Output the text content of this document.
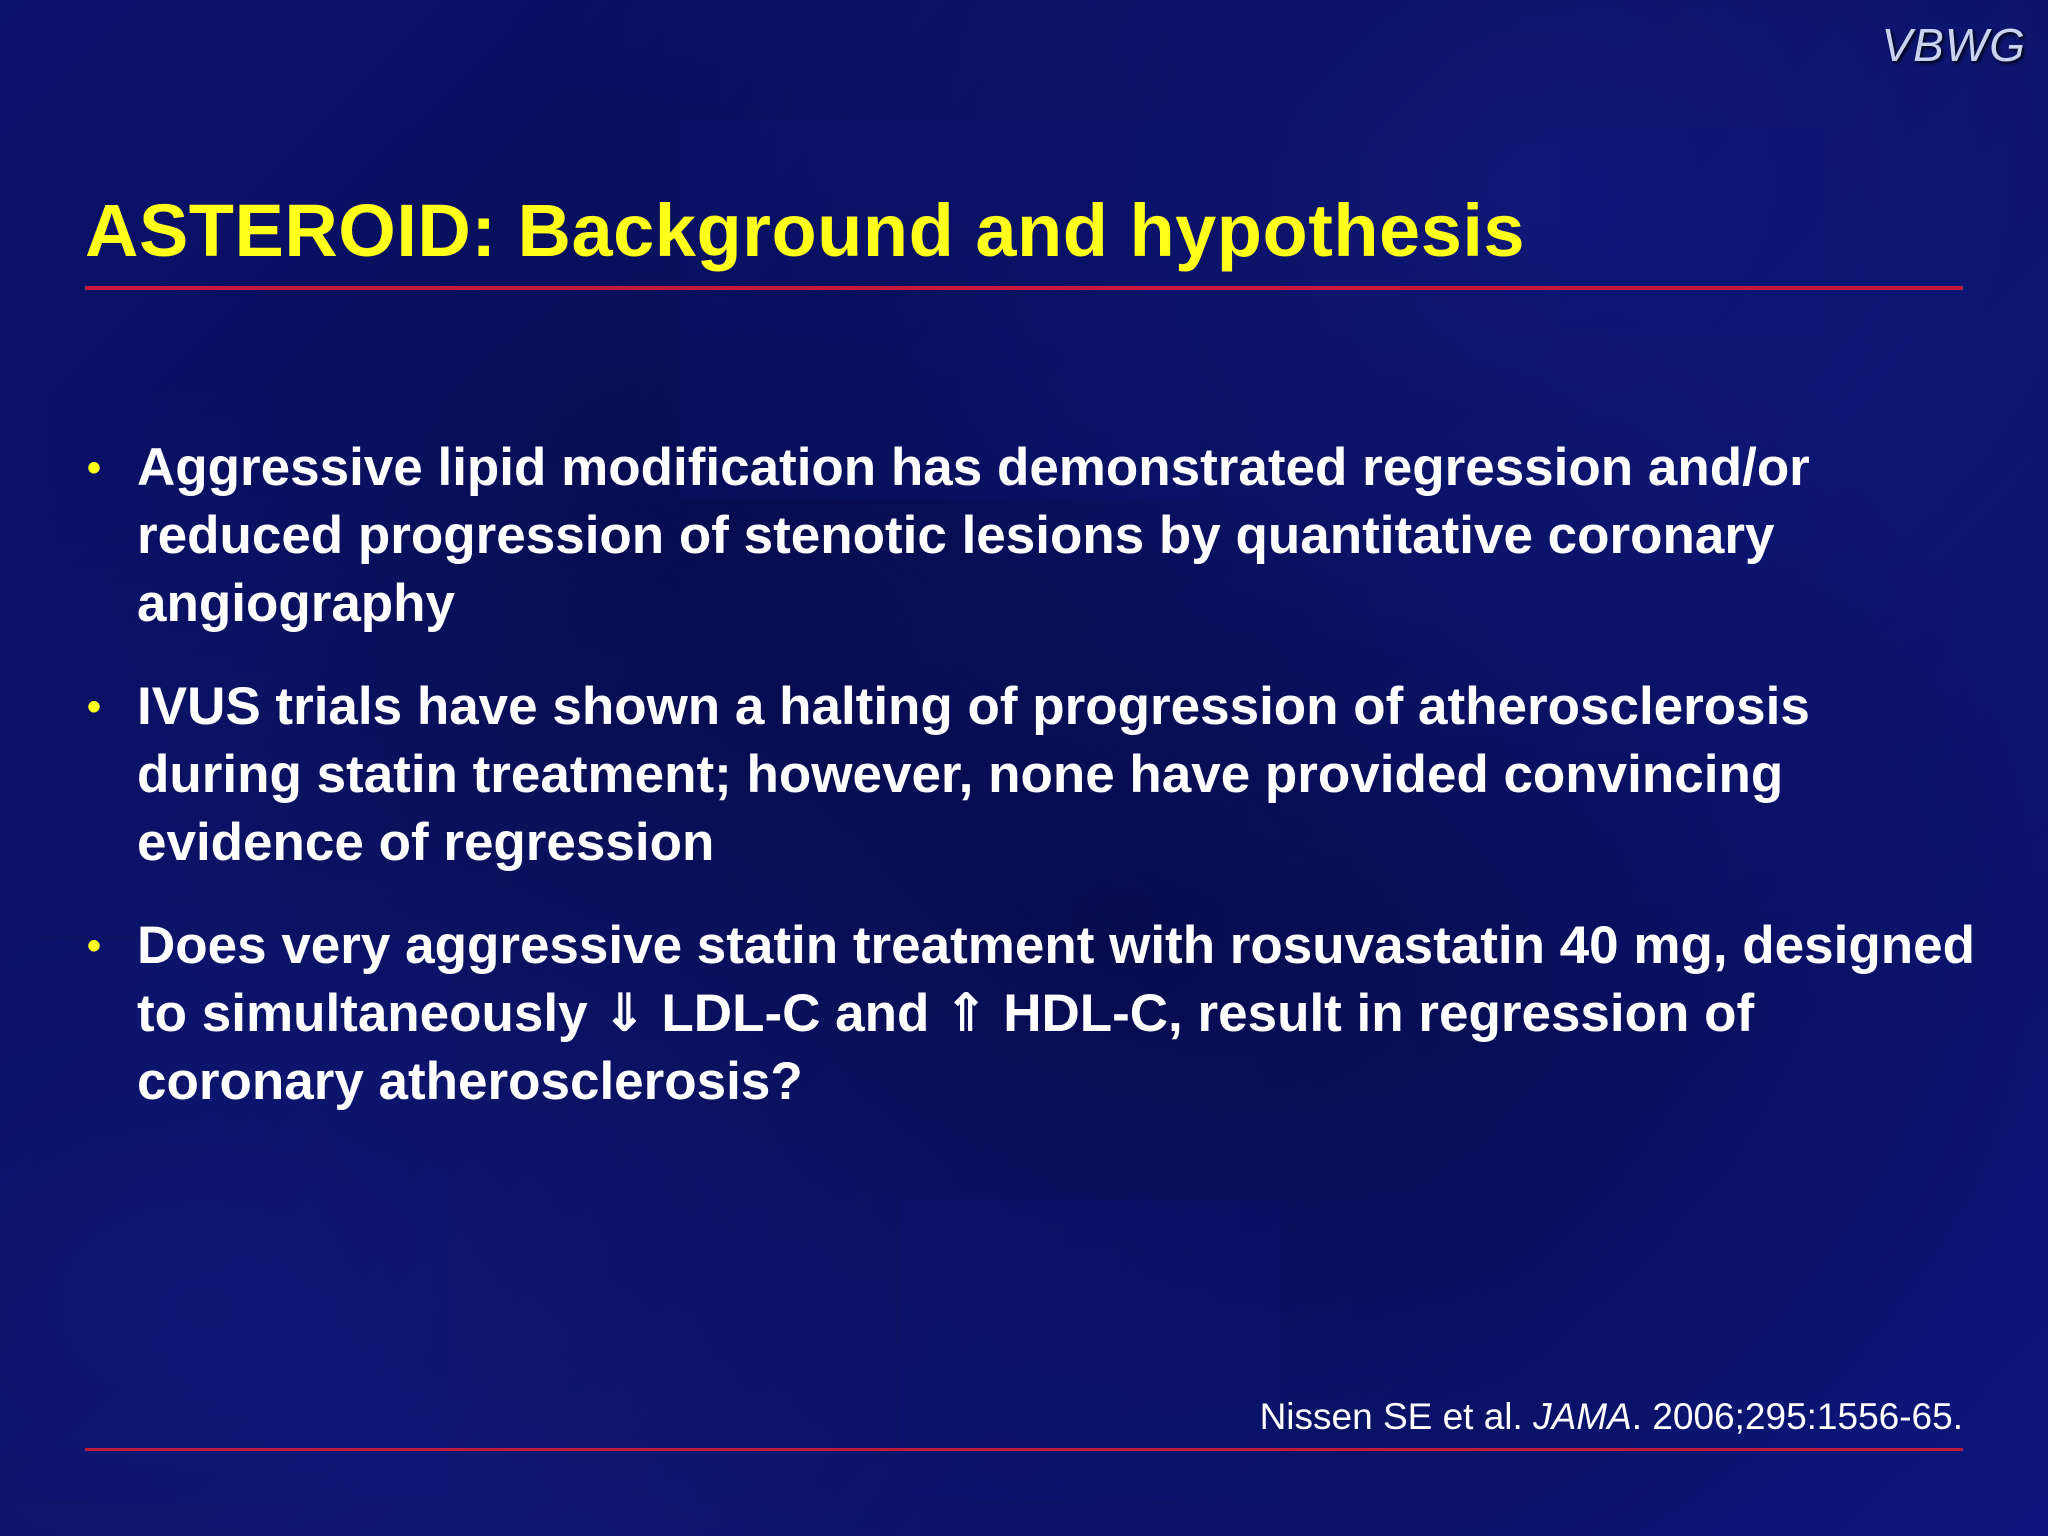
VBWG
ASTEROID: Background and hypothesis
• Aggressive lipid modification has demonstrated regression and/or reduced progression of stenotic lesions by quantitative coronary angiography
• IVUS trials have shown a halting of progression of atherosclerosis during statin treatment; however, none have provided convincing evidence of regression
• Does very aggressive statin treatment with rosuvastatin 40 mg, designed to simultaneously ⇓ LDL-C and ⇑ HDL-C, result in regression of coronary atherosclerosis?
Nissen SE et al. JAMA. 2006;295:1556-65.
